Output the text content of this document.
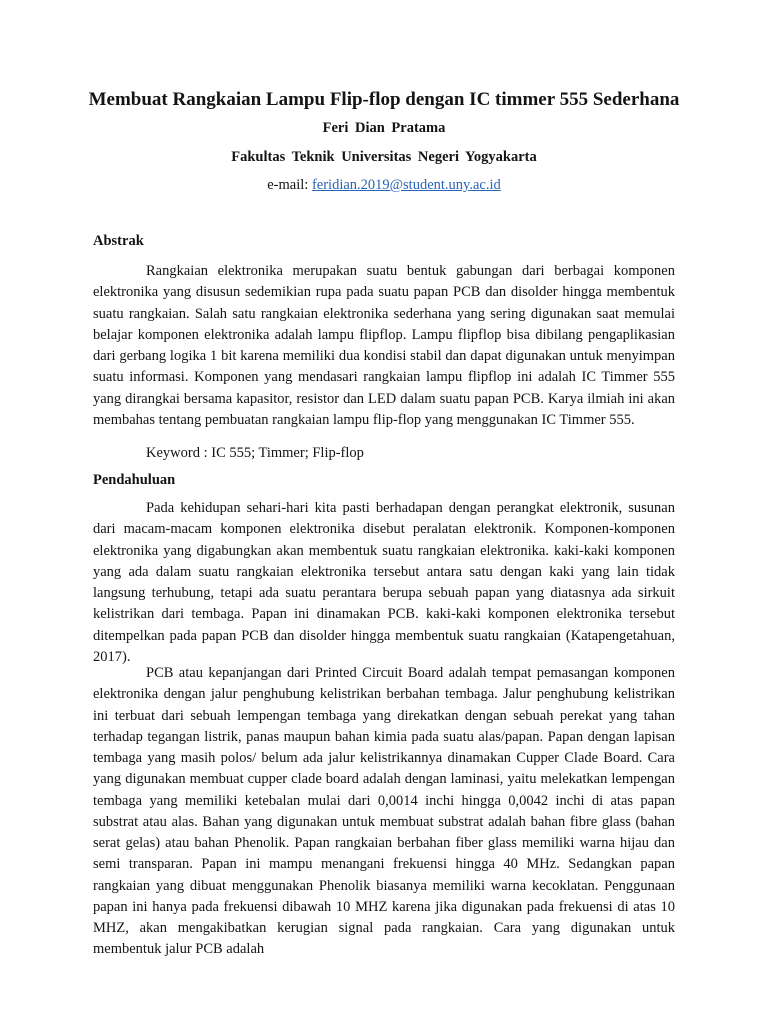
Membuat Rangkaian Lampu Flip-flop dengan IC timmer 555 Sederhana
Feri Dian Pratama
Fakultas Teknik Universitas Negeri Yogyakarta
e-mail: feridian.2019@student.uny.ac.id
Abstrak
Rangkaian elektronika merupakan suatu bentuk gabungan dari berbagai komponen elektronika yang disusun sedemikian rupa pada suatu papan PCB dan disolder hingga membentuk suatu rangkaian. Salah satu rangkaian elektronika sederhana yang sering digunakan saat memulai belajar komponen elektronika adalah lampu flipflop. Lampu flipflop bisa dibilang pengaplikasian dari gerbang logika 1 bit karena memiliki dua kondisi stabil dan dapat digunakan untuk menyimpan suatu informasi. Komponen yang mendasari rangkaian lampu flipflop ini adalah IC Timmer 555 yang dirangkai bersama kapasitor, resistor dan LED dalam suatu papan PCB. Karya ilmiah ini akan membahas tentang pembuatan rangkaian lampu flip-flop yang menggunakan IC Timmer 555.
Keyword : IC 555; Timmer; Flip-flop
Pendahuluan
Pada kehidupan sehari-hari kita pasti berhadapan dengan perangkat elektronik, susunan dari macam-macam komponen elektronika disebut peralatan elektronik. Komponen-komponen elektronika yang digabungkan akan membentuk suatu rangkaian elektronika. kaki-kaki komponen yang ada dalam suatu rangkaian elektronika tersebut antara satu dengan kaki yang lain tidak langsung terhubung, tetapi ada suatu perantara berupa sebuah papan yang diatasnya ada sirkuit kelistrikan dari tembaga. Papan ini dinamakan PCB. kaki-kaki komponen elektronika tersebut ditempelkan pada papan PCB dan disolder hingga membentuk suatu rangkaian (Katapengetahuan, 2017).
PCB atau kepanjangan dari Printed Circuit Board adalah tempat pemasangan komponen elektronika dengan jalur penghubung kelistrikan berbahan tembaga. Jalur penghubung kelistrikan ini terbuat dari sebuah lempengan tembaga yang direkatkan dengan sebuah perekat yang tahan terhadap tegangan listrik, panas maupun bahan kimia pada suatu alas/papan. Papan dengan lapisan tembaga yang masih polos/ belum ada jalur kelistrikannya dinamakan Cupper Clade Board. Cara yang digunakan membuat cupper clade board adalah dengan laminasi, yaitu melekatkan lempengan tembaga yang memiliki ketebalan mulai dari 0,0014 inchi hingga 0,0042 inchi di atas papan substrat atau alas. Bahan yang digunakan untuk membuat substrat adalah bahan fibre glass (bahan serat gelas) atau bahan Phenolik. Papan rangkaian berbahan fiber glass memiliki warna hijau dan semi transparan. Papan ini mampu menangani frekuensi hingga 40 MHz. Sedangkan papan rangkaian yang dibuat menggunakan Phenolik biasanya memiliki warna kecoklatan. Penggunaan papan ini hanya pada frekuensi dibawah 10 MHZ karena jika digunakan pada frekuensi di atas 10 MHZ, akan mengakibatkan kerugian signal pada rangkaian. Cara yang digunakan untuk membentuk jalur PCB adalah
